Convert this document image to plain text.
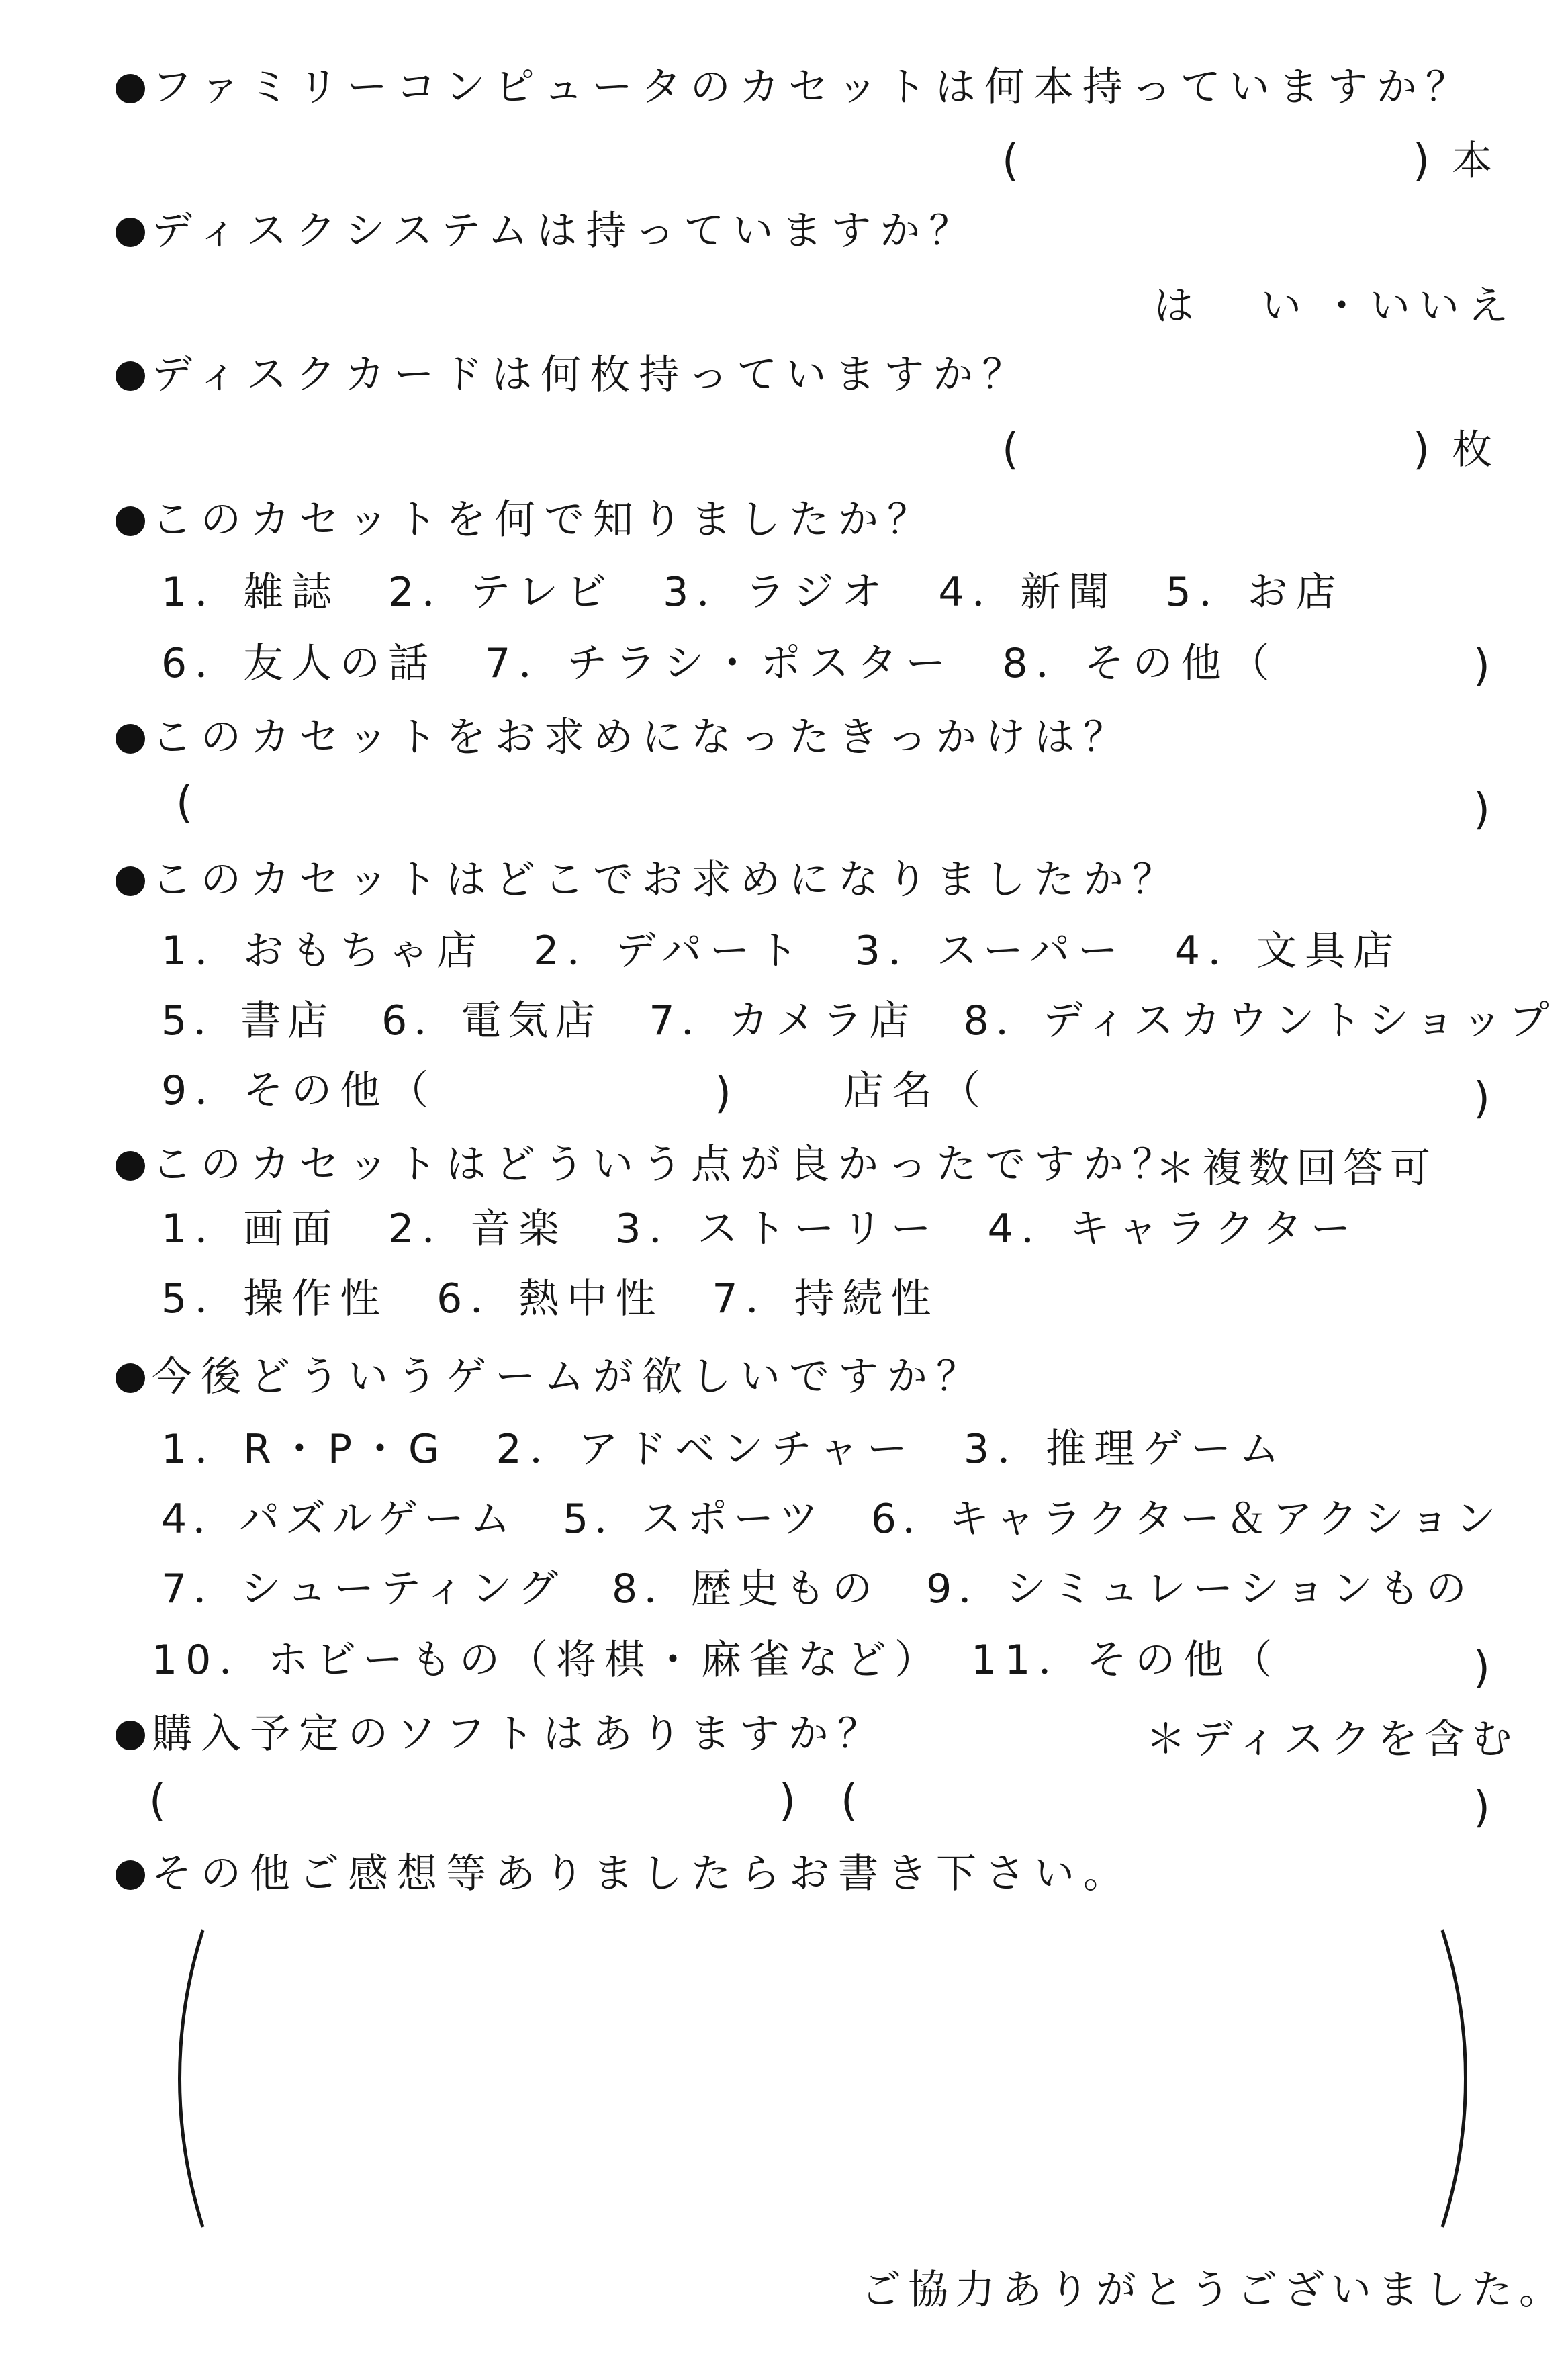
ファミリーコンピュータのカセットは何本持っていますか？
(	) 本
ディスクシステムは持っていますか？
は　い ・ いいえ
ディスクカードは何枚持っていますか？
(	) 枚
このカセットを何で知りましたか？
1．雑誌　2．テレビ　3．ラジオ　4．新聞　5．お店
6．友人の話　7．チラシ・ポスター　8．その他（	)
このカセットをお求めになったきっかけは？
(	)
このカセットはどこでお求めになりましたか？
1．おもちゃ店　2．デパート　3．スーパー　4．文具店
5．書店　6．電気店　7．カメラ店　8．ディスカウントショップ
9．その他（	)	店名（	)
このカセットはどういう点が良かったですか？
＊複数回答可
1．画面　2．音楽　3．ストーリー　4．キャラクター
5．操作性　6．熱中性　7．持続性
今後どういうゲームが欲しいですか？
1．R・P・G　2．アドベンチャー　3．推理ゲーム
4．パズルゲーム　5．スポーツ　6．キャラクター＆アクション
7．シューティング　8．歴史もの　9．シミュレーションもの
10．ホビーもの（将棋・麻雀など）　11．その他（	)
購入予定のソフトはありますか？	＊ディスクを含む
(	) (	)
その他ご感想等ありましたらお書き下さい。
ご協力ありがとうございました。
